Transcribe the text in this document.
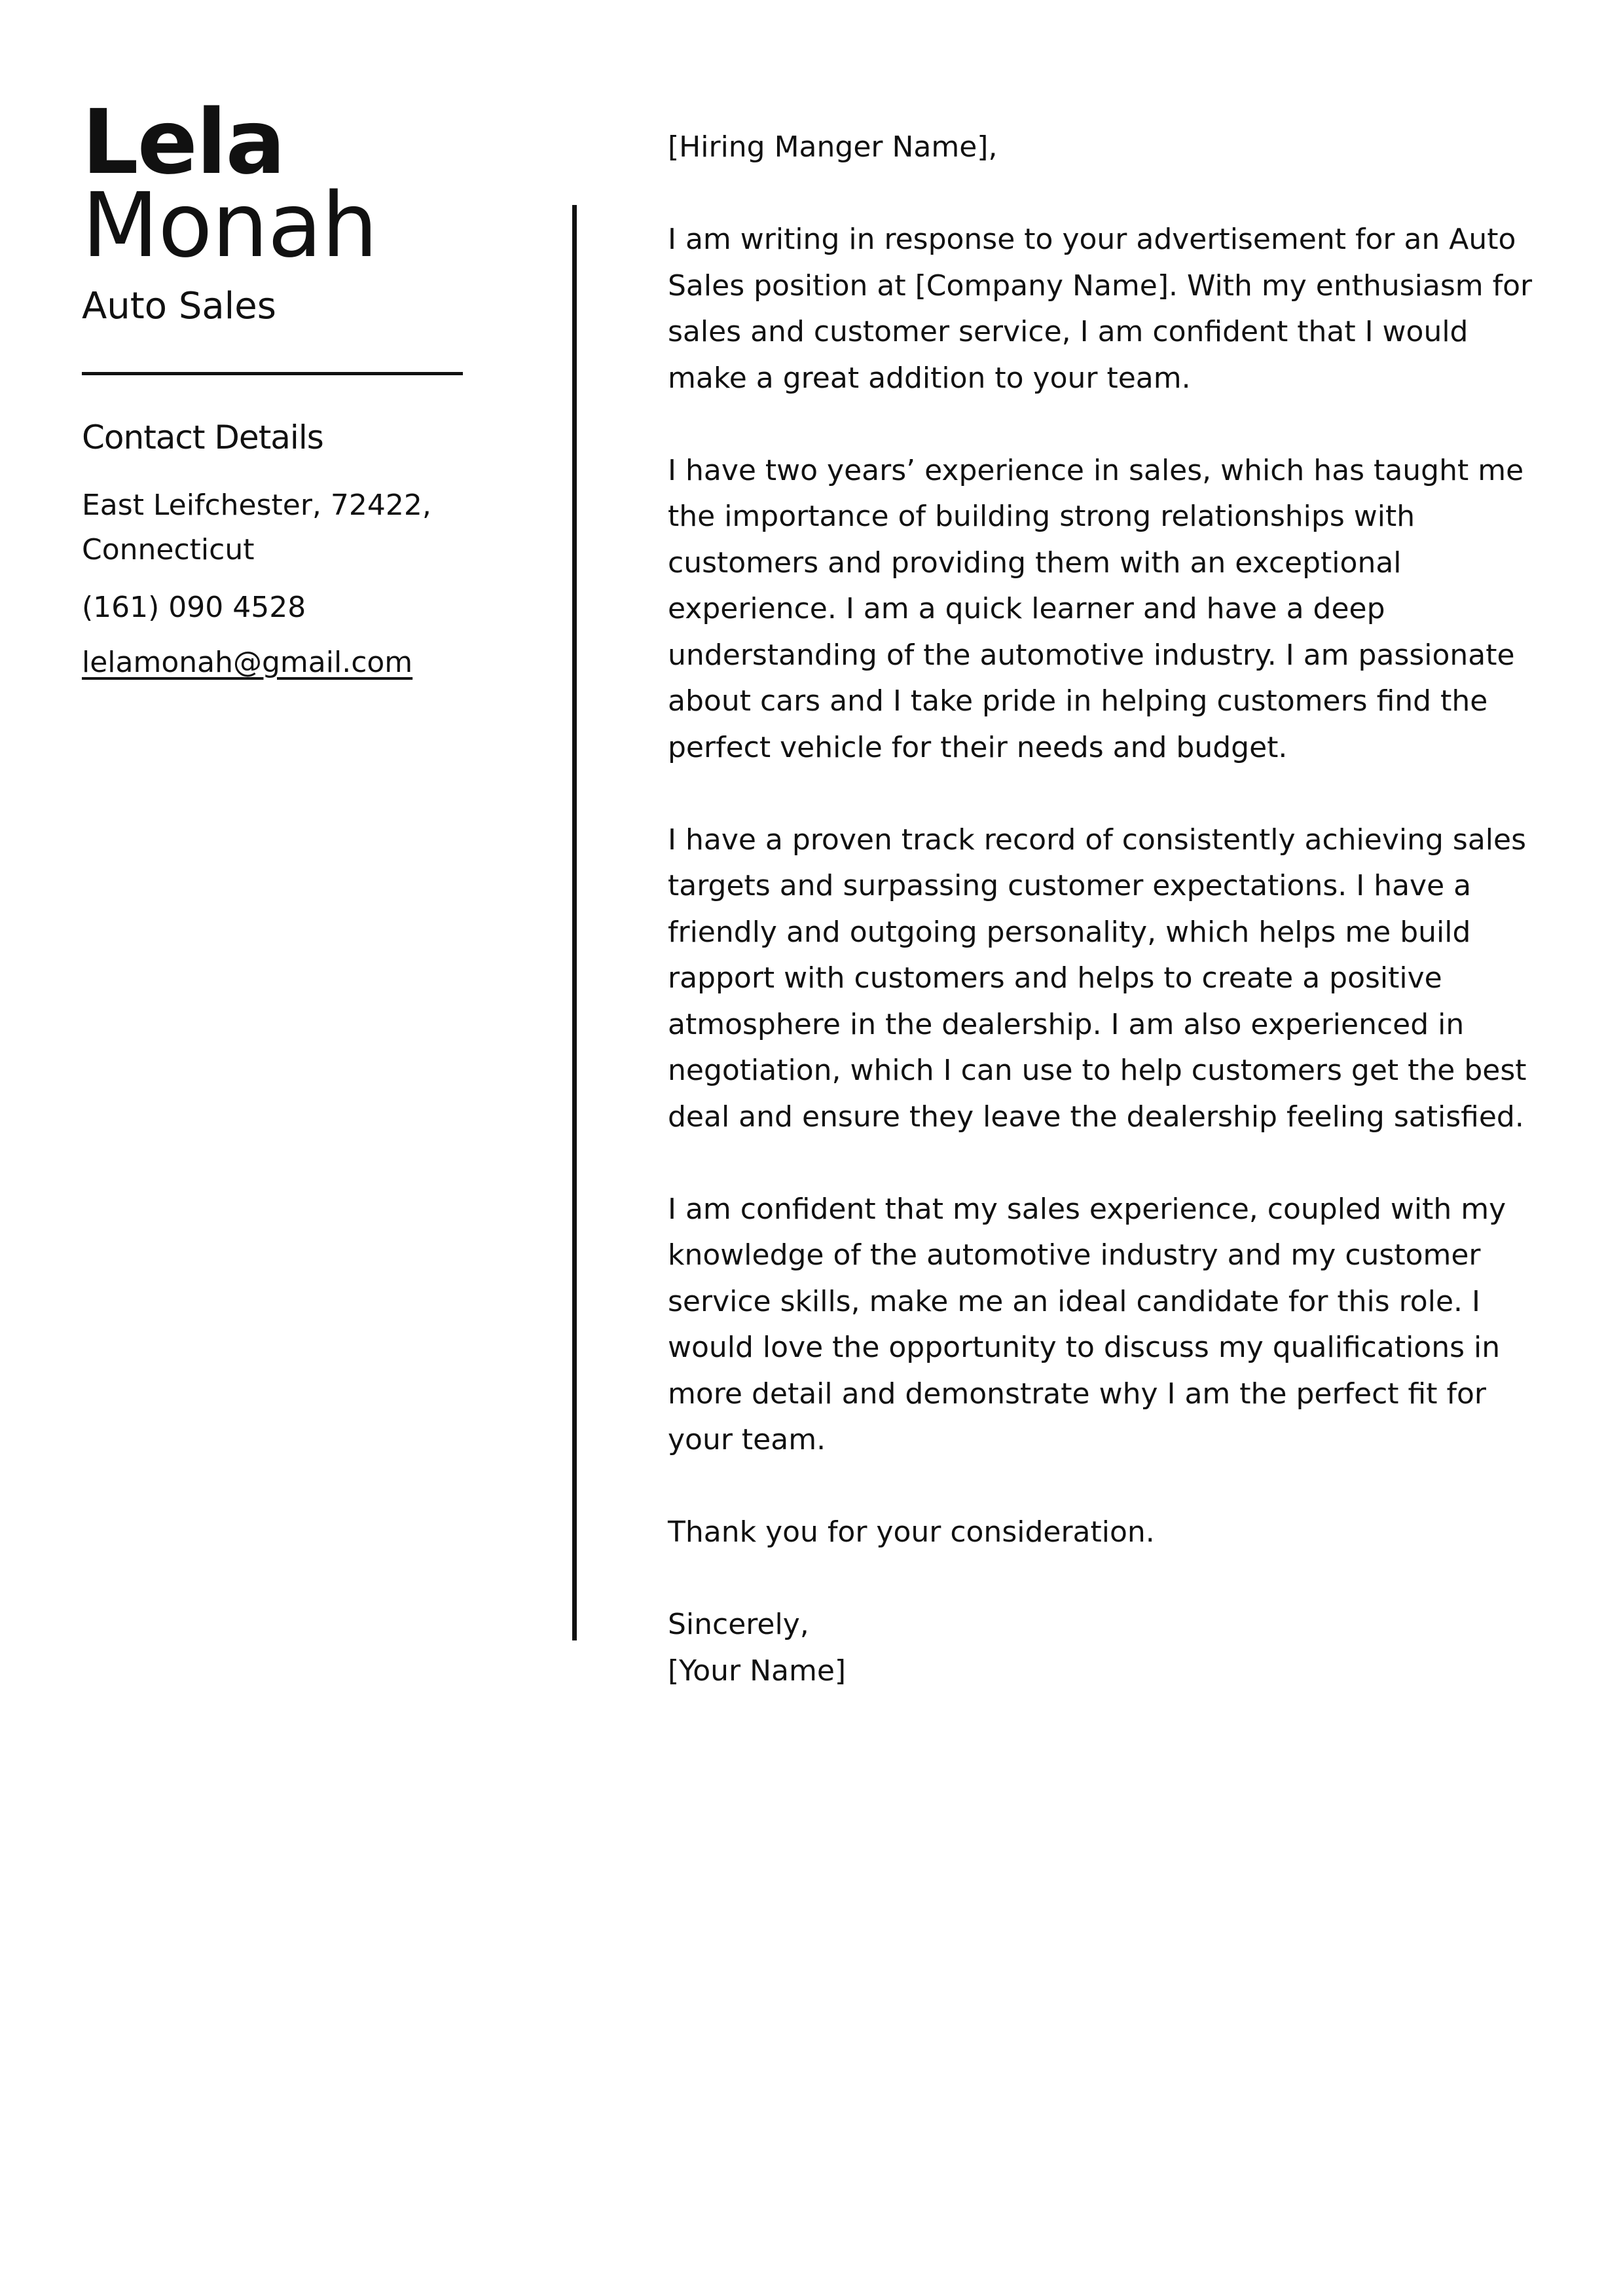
Lela
Monah
Auto Sales
Contact Details

East Leifchester, 72422, Connecticut

(161) 090 4528

lelamonah@gmail.com

[Hiring Manger Name],

I am writing in response to your advertisement for an Auto Sales position at [Company Name]. With my enthusiasm for sales and customer service, I am confident that I would make a great addition to your team.

I have two years’ experience in sales, which has taught me the importance of building strong relationships with customers and providing them with an exceptional experience. I am a quick learner and have a deep understanding of the automotive industry. I am passionate about cars and I take pride in helping customers find the perfect vehicle for their needs and budget.

I have a proven track record of consistently achieving sales targets and surpassing customer expectations. I have a friendly and outgoing personality, which helps me build rapport with customers and helps to create a positive atmosphere in the dealership. I am also experienced in negotiation, which I can use to help customers get the best deal and ensure they leave the dealership feeling satisfied.

I am confident that my sales experience, coupled with my knowledge of the automotive industry and my customer service skills, make me an ideal candidate for this role. I would love the opportunity to discuss my qualifications in more detail and demonstrate why I am the perfect fit for your team.

Thank you for your consideration.

Sincerely,

[Your Name]
